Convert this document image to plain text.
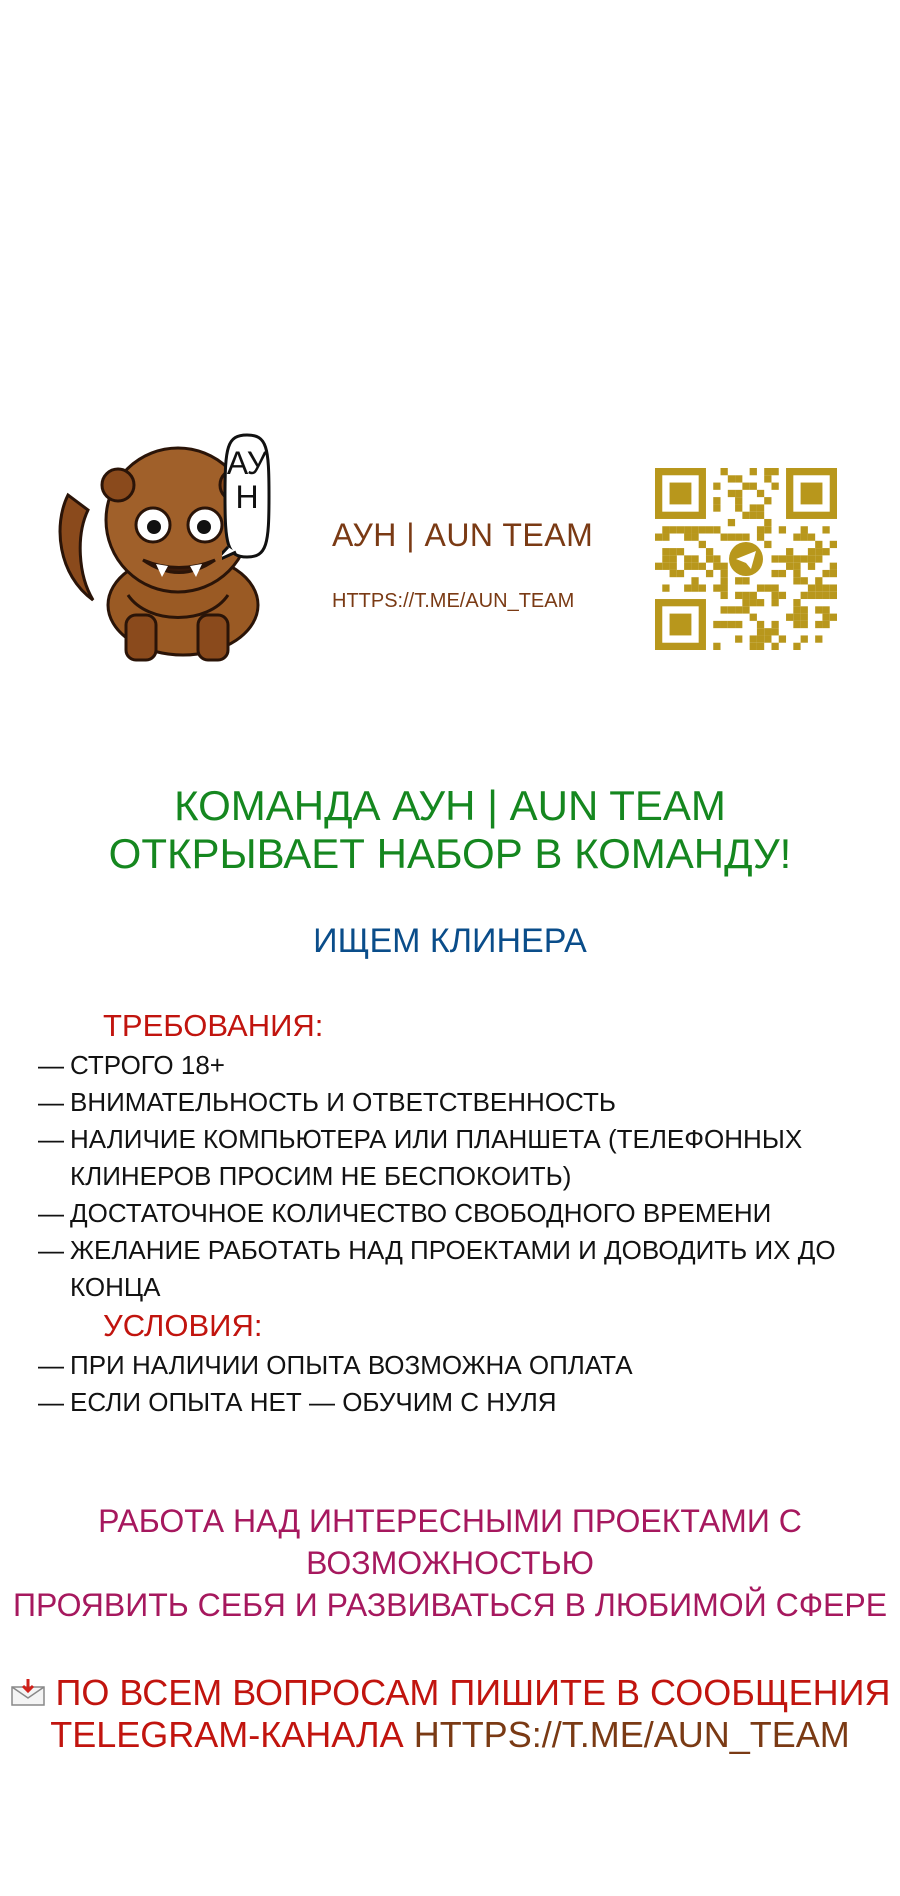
АУН
АУН | AUN TEAM
HTTPS://T.ME/AUN_TEAM
КОМАНДА АУН | AUN TEAM
ОТКРЫВАЕТ НАБОР В КОМАНДУ!
ИЩЕМ КЛИНЕРА
ТРЕБОВАНИЯ:
— СТРОГО 18+
— ВНИМАТЕЛЬНОСТЬ И ОТВЕТСТВЕННОСТЬ
— НАЛИЧИЕ КОМПЬЮТЕРА ИЛИ ПЛАНШЕТА (ТЕЛЕФОННЫХ КЛИНЕРОВ ПРОСИМ НЕ БЕСПОКОИТЬ)
— ДОСТАТОЧНОЕ КОЛИЧЕСТВО СВОБОДНОГО ВРЕМЕНИ
— ЖЕЛАНИЕ РАБОТАТЬ НАД ПРОЕКТАМИ И ДОВОДИТЬ ИХ ДО КОНЦА
УСЛОВИЯ:
— ПРИ НАЛИЧИИ ОПЫТА ВОЗМОЖНА ОПЛАТА
— ЕСЛИ ОПЫТА НЕТ — ОБУЧИМ С НУЛЯ
РАБОТА НАД ИНТЕРЕСНЫМИ ПРОЕКТАМИ С ВОЗМОЖНОСТЬЮ
ПРОЯВИТЬ СЕБЯ И РАЗВИВАТЬСЯ В ЛЮБИМОЙ СФЕРЕ
ПО ВСЕМ ВОПРОСАМ ПИШИТЕ В СООБЩЕНИЯ
TELEGRAM-КАНАЛА HTTPS://T.ME/AUN_TEAM
